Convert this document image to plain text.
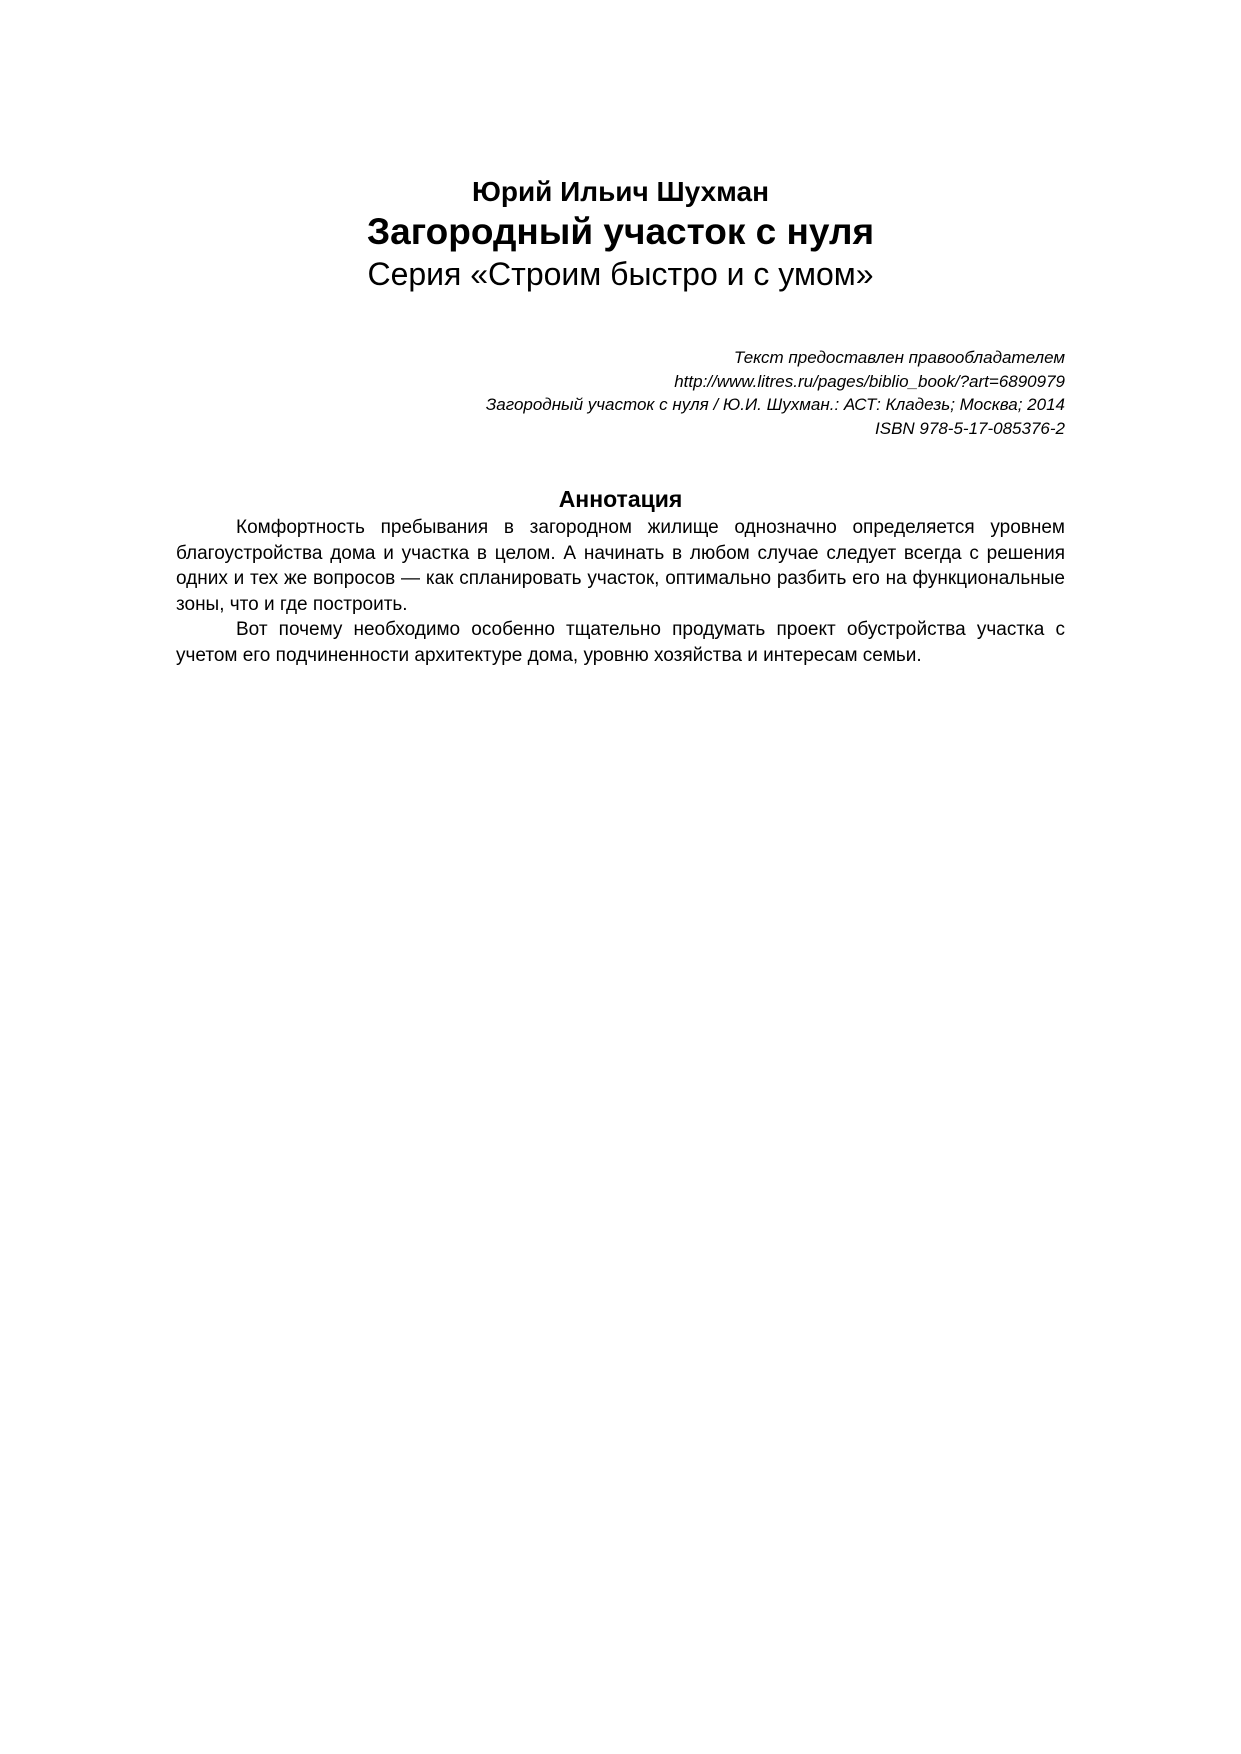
Юрий Ильич Шухман
Загородный участок с нуля
Серия «Строим быстро и с умом»
Текст предоставлен правообладателем
http://www.litres.ru/pages/biblio_book/?art=6890979
Загородный участок с нуля / Ю.И. Шухман.: АСТ: Кладезь; Москва; 2014
ISBN 978-5-17-085376-2
Аннотация

Комфортность пребывания в загородном жилище однозначно определяется уровнем благоустройства дома и участка в целом. А начинать в любом случае следует всегда с решения одних и тех же вопросов — как спланировать участок, оптимально разбить его на функциональные зоны, что и где построить.

Вот почему необходимо особенно тщательно продумать проект обустройства участка с учетом его подчиненности архитектуре дома, уровню хозяйства и интересам семьи.
